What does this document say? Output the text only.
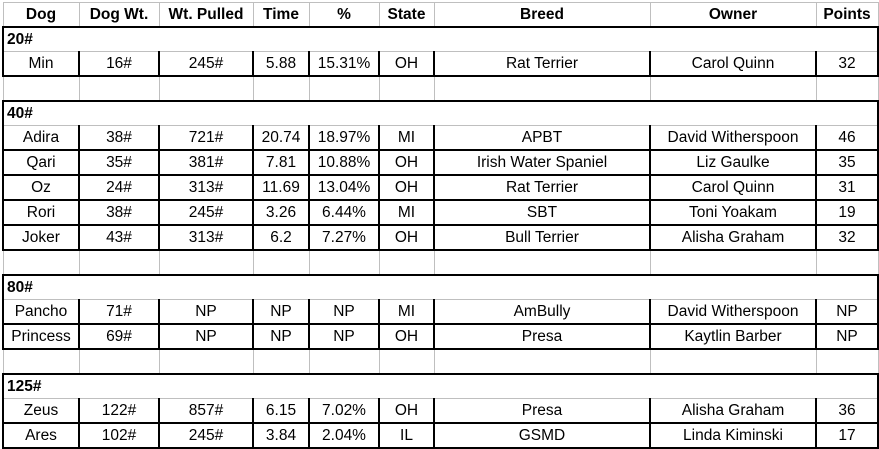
Dog	Dog Wt.	Wt. Pulled	Time	%	State	Breed	Owner	Points
20#								
Min	16#	245#	5.88	15.31%	OH	Rat Terrier	Carol Quinn	32

40#								
Adira	38#	721#	20.74	18.97%	MI	APBT	David Witherspoon	46
Qari	35#	381#	7.81	10.88%	OH	Irish Water Spaniel	Liz Gaulke	35
Oz	24#	313#	11.69	13.04%	OH	Rat Terrier	Carol Quinn	31
Rori	38#	245#	3.26	6.44%	MI	SBT	Toni Yoakam	19
Joker	43#	313#	6.2	7.27%	OH	Bull Terrier	Alisha Graham	32

80#								
Pancho	71#	NP	NP	NP	MI	AmBully	David Witherspoon	NP
Princess	69#	NP	NP	NP	OH	Presa	Kaytlin Barber	NP

125#								
Zeus	122#	857#	6.15	7.02%	OH	Presa	Alisha Graham	36
Ares	102#	245#	3.84	2.04%	IL	GSMD	Linda Kiminski	17
